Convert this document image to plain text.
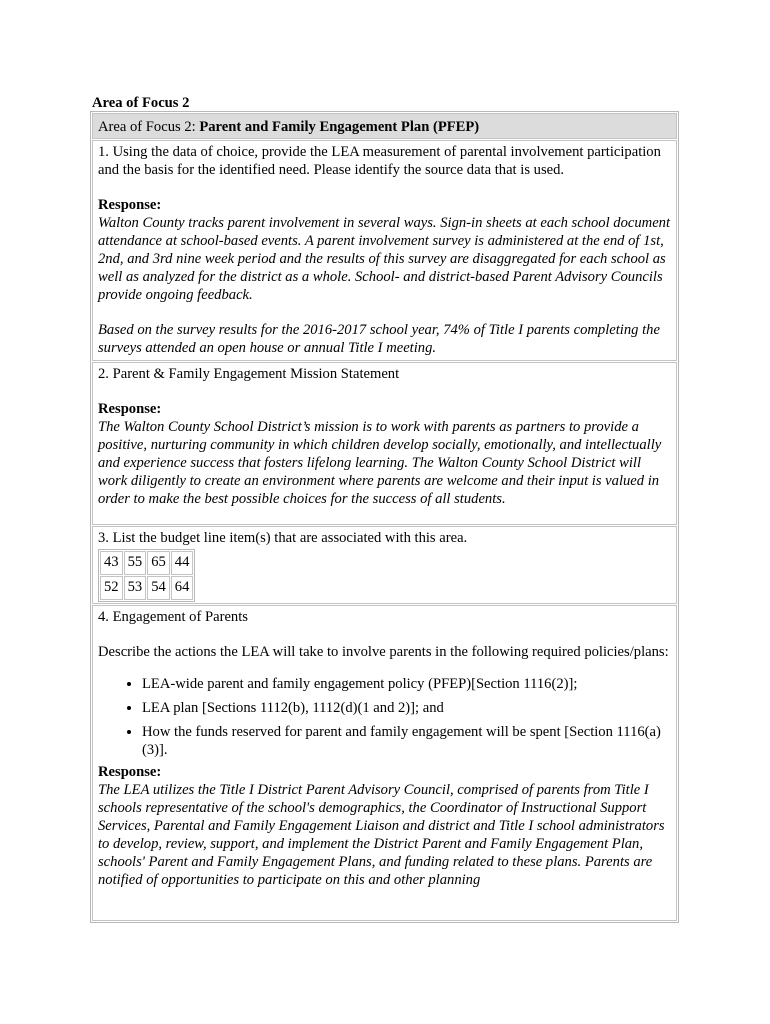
Area of Focus 2
Area of Focus 2: Parent and Family Engagement Plan (PFEP)
1. Using the data of choice, provide the LEA measurement of parental involvement participation and the basis for the identified need. Please identify the source data that is used.
Response:
Walton County tracks parent involvement in several ways. Sign-in sheets at each school document attendance at school-based events. A parent involvement survey is administered at the end of 1st, 2nd, and 3rd nine week period and the results of this survey are disaggregated for each school as well as analyzed for the district as a whole. School- and district-based Parent Advisory Councils provide ongoing feedback.
Based on the survey results for the 2016-2017 school year, 74% of Title I parents completing the surveys attended an open house or annual Title I meeting.
2. Parent & Family Engagement Mission Statement
Response:
The Walton County School District’s mission is to work with parents as partners to provide a positive, nurturing community in which children develop socially, emotionally, and intellectually and experience success that fosters lifelong learning. The Walton County School District will work diligently to create an environment where parents are welcome and their input is valued in order to make the best possible choices for the success of all students.
3. List the budget line item(s) that are associated with this area.
43	55	65	44
52	53	54	64
4. Engagement of Parents
Describe the actions the LEA will take to involve parents in the following required policies/plans:
• LEA-wide parent and family engagement policy (PFEP)[Section 1116(2)];
• LEA plan [Sections 1112(b), 1112(d)(1 and 2)]; and
• How the funds reserved for parent and family engagement will be spent [Section 1116(a)(3)].
Response:
The LEA utilizes the Title I District Parent Advisory Council, comprised of parents from Title I schools representative of the school's demographics, the Coordinator of Instructional Support Services, Parental and Family Engagement Liaison and district and Title I school administrators to develop, review, support, and implement the District Parent and Family Engagement Plan, schools' Parent and Family Engagement Plans, and funding related to these plans. Parents are notified of opportunities to participate on this and other planning
